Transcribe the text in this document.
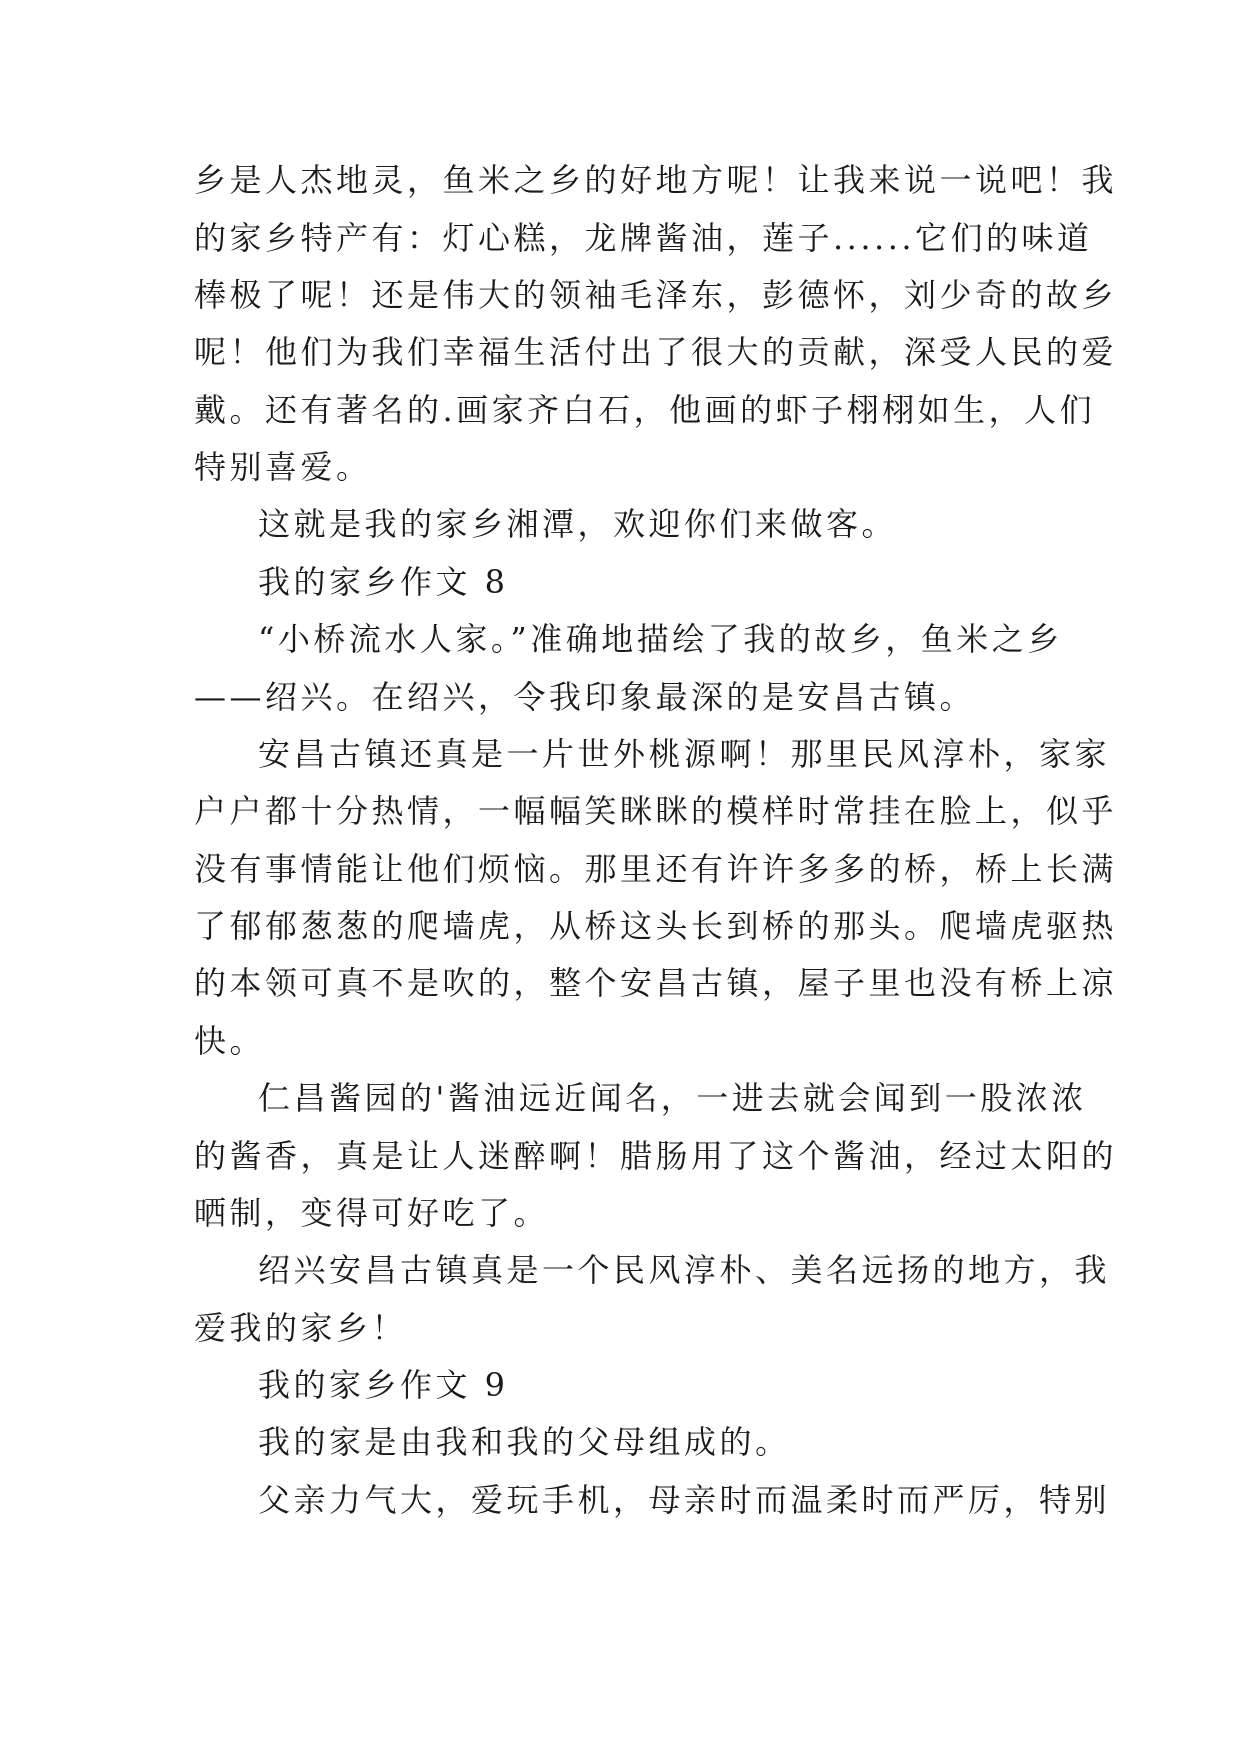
乡是人杰地灵，鱼米之乡的好地方呢！让我来说一说吧！我
的家乡特产有：灯心糕，龙牌酱油，莲子......它们的味道
棒极了呢！还是伟大的领袖毛泽东，彭德怀，刘少奇的故乡
呢！他们为我们幸福生活付出了很大的贡献，深受人民的爱
戴。还有著名的.画家齐白石，他画的虾子栩栩如生，人们
特别喜爱。
这就是我的家乡湘潭，欢迎你们来做客。
我的家乡作文 8
“小桥流水人家。”准确地描绘了我的故乡，鱼米之乡
——绍兴。在绍兴，令我印象最深的是安昌古镇。
安昌古镇还真是一片世外桃源啊！那里民风淳朴，家家
户户都十分热情，一幅幅笑眯眯的模样时常挂在脸上，似乎
没有事情能让他们烦恼。那里还有许许多多的桥，桥上长满
了郁郁葱葱的爬墙虎，从桥这头长到桥的那头。爬墙虎驱热
的本领可真不是吹的，整个安昌古镇，屋子里也没有桥上凉
快。
仁昌酱园的'酱油远近闻名，一进去就会闻到一股浓浓
的酱香，真是让人迷醉啊！腊肠用了这个酱油，经过太阳的
晒制，变得可好吃了。
绍兴安昌古镇真是一个民风淳朴、美名远扬的地方，我
爱我的家乡！
我的家乡作文 9
我的家是由我和我的父母组成的。
父亲力气大，爱玩手机，母亲时而温柔时而严厉，特别
